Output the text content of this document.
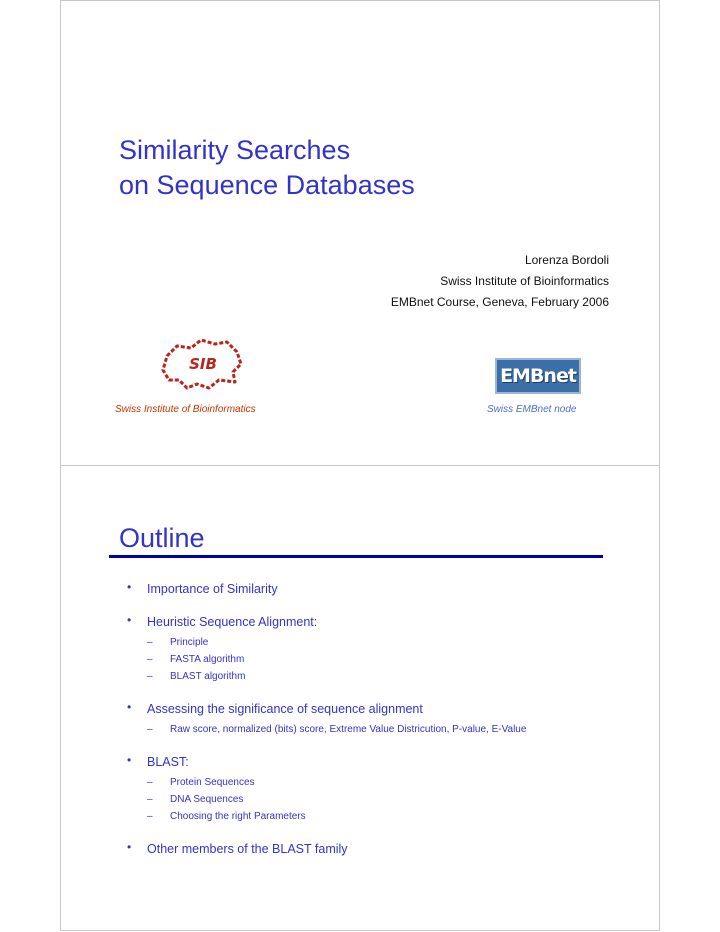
Similarity Searches
on Sequence Databases
Lorenza Bordoli
Swiss Institute of Bioinformatics
EMBnet Course, Geneva, February 2006
SIB
Swiss Institute of Bioinformatics
EMBnet
Swiss EMBnet node
Outline
• Importance of Similarity
• Heuristic Sequence Alignment:
– Principle
– FASTA algorithm
– BLAST algorithm
• Assessing the significance of sequence alignment
– Raw score, normalized (bits) score, Extreme Value Districution, P-value, E-Value
• BLAST:
– Protein Sequences
– DNA Sequences
– Choosing the right Parameters
• Other members of the BLAST family
